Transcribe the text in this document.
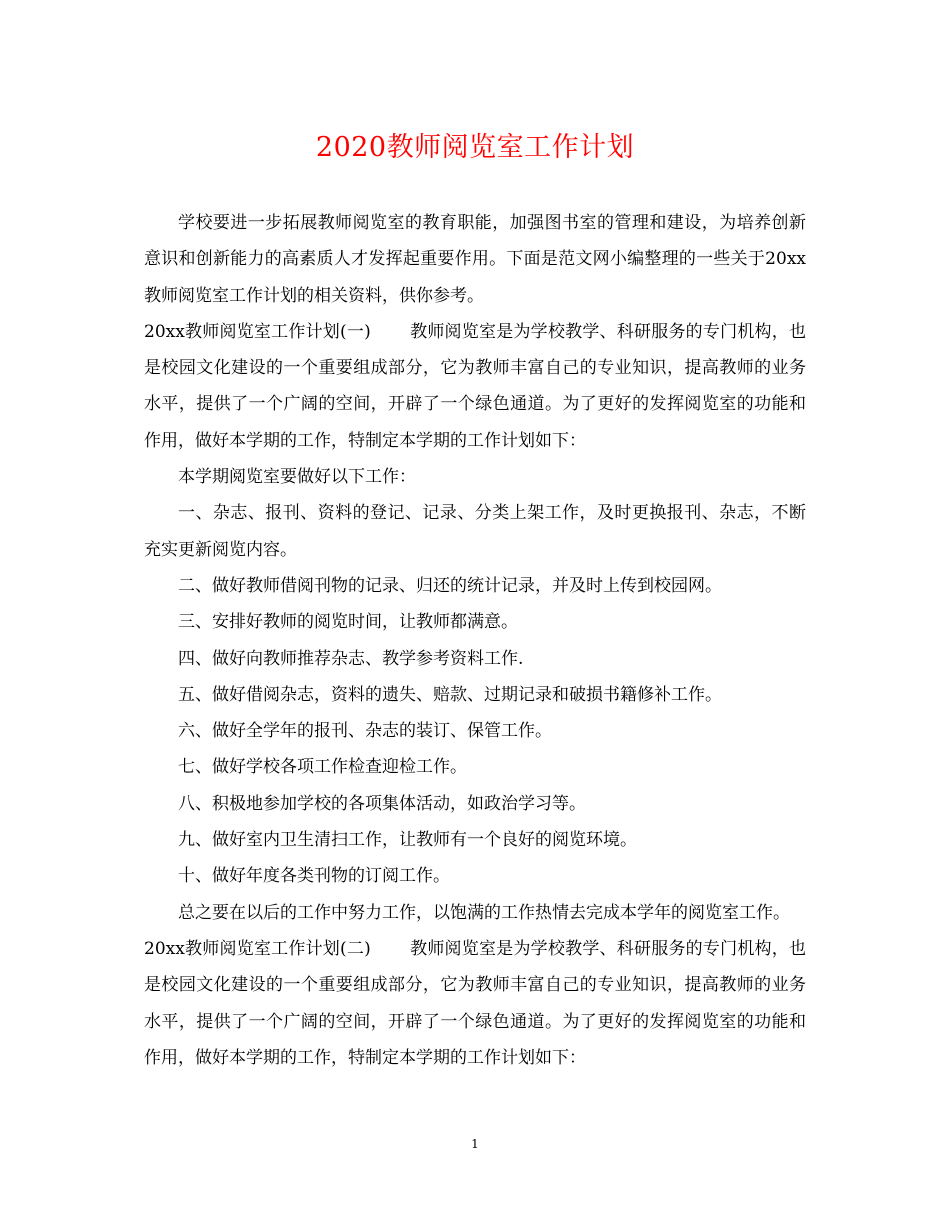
2020教师阅览室工作计划

学校要进一步拓展教师阅览室的教育职能，加强图书室的管理和建设，为培养创新意识和创新能力的高素质人才发挥起重要作用。下面是范文网小编整理的一些关于20xx教师阅览室工作计划的相关资料，供你参考。

20xx教师阅览室工作计划(一)       教师阅览室是为学校教学、科研服务的专门机构，也是校园文化建设的一个重要组成部分，它为教师丰富自己的专业知识，提高教师的业务水平，提供了一个广阔的空间，开辟了一个绿色通道。为了更好的发挥阅览室的功能和作用，做好本学期的工作，特制定本学期的工作计划如下：

本学期阅览室要做好以下工作：

一、杂志、报刊、资料的登记、记录、分类上架工作，及时更换报刊、杂志，不断充实更新阅览内容。

二、做好教师借阅刊物的记录、归还的统计记录，并及时上传到校园网。

三、安排好教师的阅览时间，让教师都满意。

四、做好向教师推荐杂志、教学参考资料工作.

五、做好借阅杂志，资料的遗失、赔款、过期记录和破损书籍修补工作。

六、做好全学年的报刊、杂志的装订、保管工作。

七、做好学校各项工作检查迎检工作。

八、积极地参加学校的各项集体活动，如政治学习等。

九、做好室内卫生清扫工作，让教师有一个良好的阅览环境。

十、做好年度各类刊物的订阅工作。

总之要在以后的工作中努力工作，以饱满的工作热情去完成本学年的阅览室工作。

20xx教师阅览室工作计划(二)       教师阅览室是为学校教学、科研服务的专门机构，也是校园文化建设的一个重要组成部分，它为教师丰富自己的专业知识，提高教师的业务水平，提供了一个广阔的空间，开辟了一个绿色通道。为了更好的发挥阅览室的功能和作用，做好本学期的工作，特制定本学期的工作计划如下：

1
